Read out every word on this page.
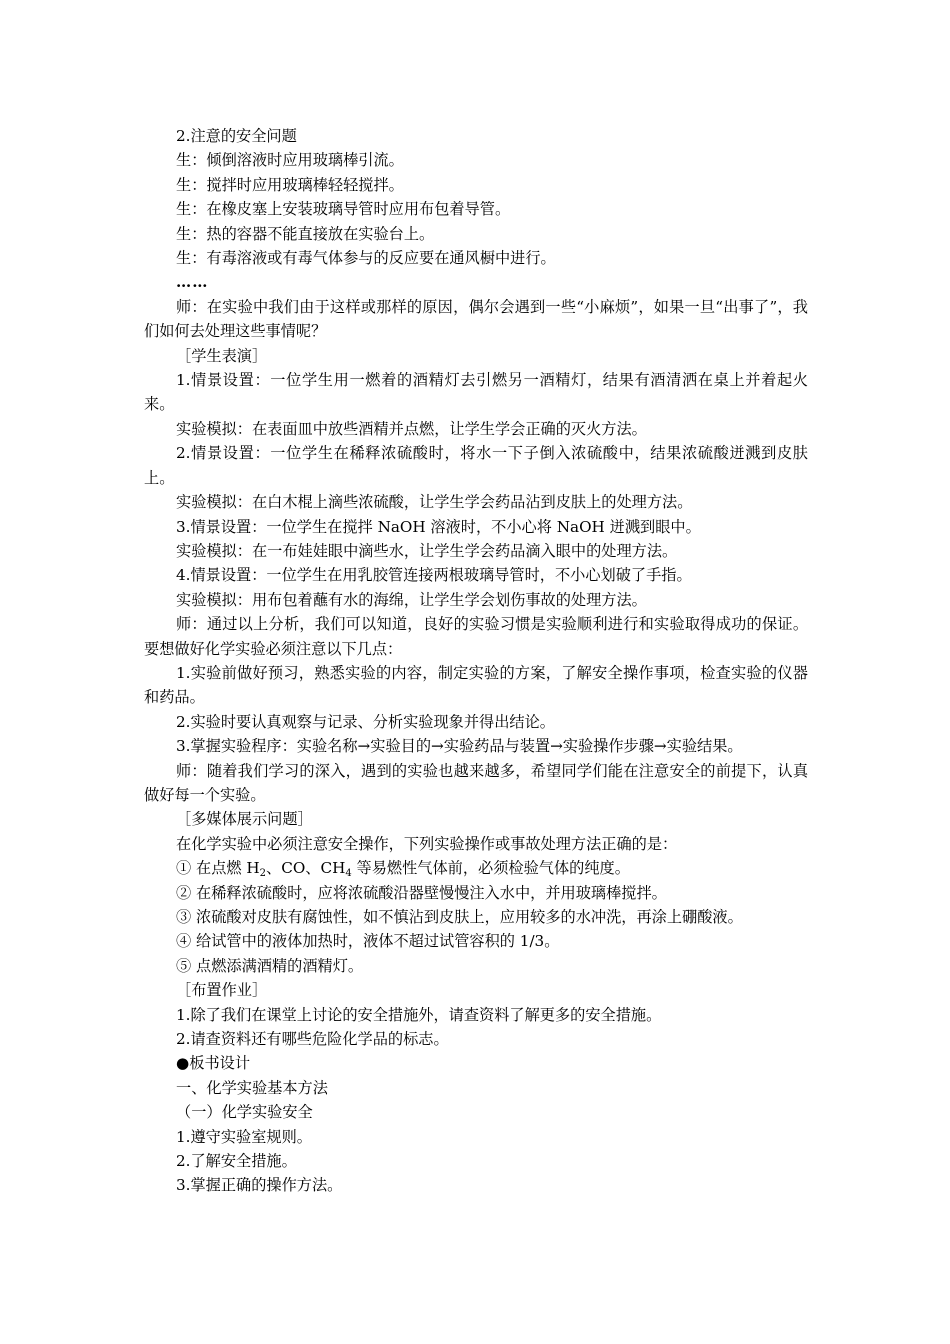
2.注意的安全问题

生：倾倒溶液时应用玻璃棒引流。

生：搅拌时应用玻璃棒轻轻搅拌。

生：在橡皮塞上安装玻璃导管时应用布包着导管。

生：热的容器不能直接放在实验台上。

生：有毒溶液或有毒气体参与的反应要在通风橱中进行。

……

师：在实验中我们由于这样或那样的原因，偶尔会遇到一些“小麻烦”，如果一旦“出事了”，我们如何去处理这些事情呢？

［学生表演］

1.情景设置：一位学生用一燃着的酒精灯去引燃另一酒精灯，结果有酒清洒在桌上并着起火来。

实验模拟：在表面皿中放些酒精并点燃，让学生学会正确的灭火方法。

2.情景设置：一位学生在稀释浓硫酸时，将水一下子倒入浓硫酸中，结果浓硫酸迸溅到皮肤上。

实验模拟：在白木棍上滴些浓硫酸，让学生学会药品沾到皮肤上的处理方法。

3.情景设置：一位学生在搅拌 NaOH 溶液时，不小心将 NaOH 迸溅到眼中。

实验模拟：在一布娃娃眼中滴些水，让学生学会药品滴入眼中的处理方法。

4.情景设置：一位学生在用乳胶管连接两根玻璃导管时，不小心划破了手指。

实验模拟：用布包着蘸有水的海绵，让学生学会划伤事故的处理方法。

师：通过以上分析，我们可以知道，良好的实验习惯是实验顺利进行和实验取得成功的保证。要想做好化学实验必须注意以下几点：

1.实验前做好预习，熟悉实验的内容，制定实验的方案，了解安全操作事项，检查实验的仪器和药品。

2.实验时要认真观察与记录、分析实验现象并得出结论。

3.掌握实验程序：实验名称→实验目的→实验药品与装置→实验操作步骤→实验结果。

师：随着我们学习的深入，遇到的实验也越来越多，希望同学们能在注意安全的前提下，认真做好每一个实验。

［多媒体展示问题］

在化学实验中必须注意安全操作，下列实验操作或事故处理方法正确的是：

① 在点燃 $H_2$、CO、$CH_4$ 等易燃性气体前，必须检验气体的纯度。

② 在稀释浓硫酸时，应将浓硫酸沿器壁慢慢注入水中，并用玻璃棒搅拌。

③ 浓硫酸对皮肤有腐蚀性，如不慎沾到皮肤上，应用较多的水冲洗，再涂上硼酸液。

④ 给试管中的液体加热时，液体不超过试管容积的 1/3。

⑤ 点燃添满酒精的酒精灯。

［布置作业］

1.除了我们在课堂上讨论的安全措施外，请查资料了解更多的安全措施。

2.请查资料还有哪些危险化学品的标志。

●板书设计

一、化学实验基本方法

（一）化学实验安全

1.遵守实验室规则。

2.了解安全措施。

3.掌握正确的操作方法。
